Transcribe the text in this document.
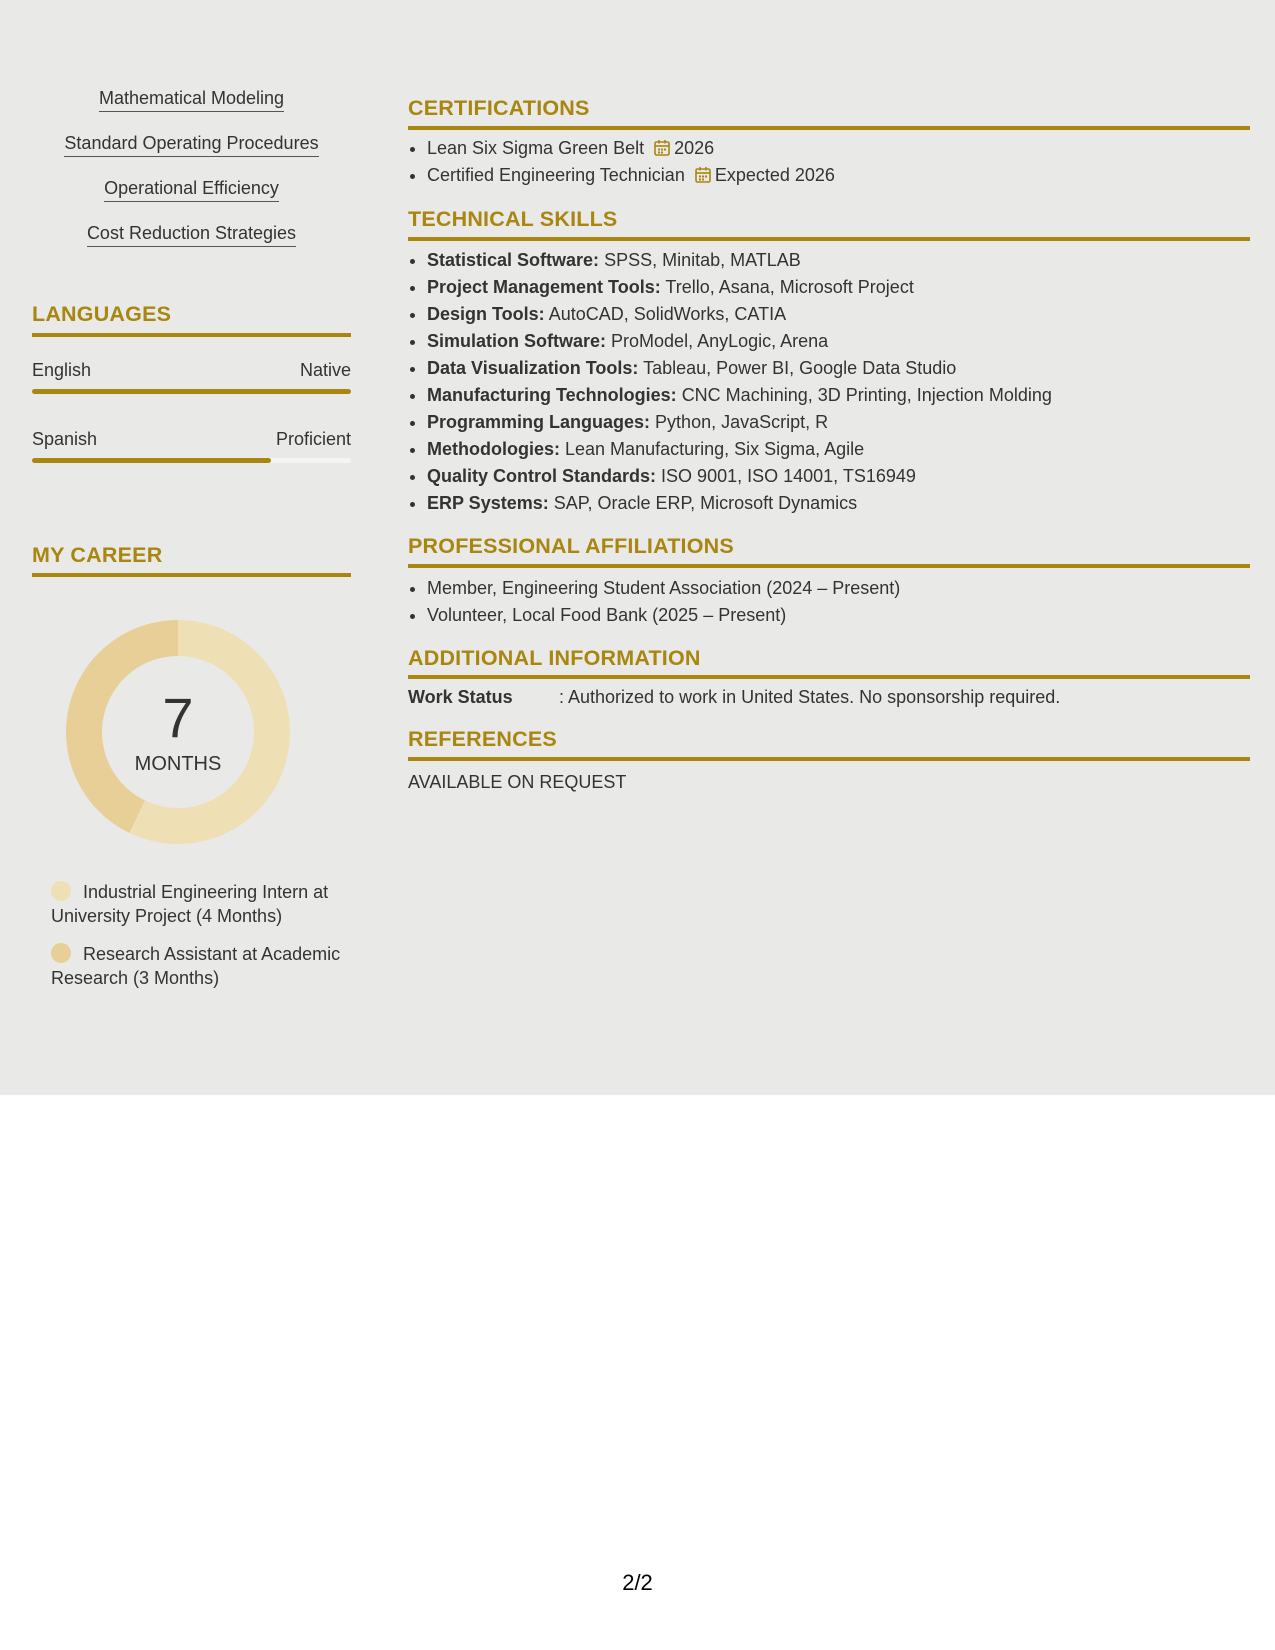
Mathematical Modeling
Standard Operating Procedures
Operational Efficiency
Cost Reduction Strategies
LANGUAGES
English	Native
Spanish	Proficient
MY CAREER
7
MONTHS
Industrial Engineering Intern at University Project (4 Months)
Research Assistant at Academic Research (3 Months)
CERTIFICATIONS
• Lean Six Sigma Green Belt 2026
• Certified Engineering Technician Expected 2026
TECHNICAL SKILLS
• Statistical Software: SPSS, Minitab, MATLAB
• Project Management Tools: Trello, Asana, Microsoft Project
• Design Tools: AutoCAD, SolidWorks, CATIA
• Simulation Software: ProModel, AnyLogic, Arena
• Data Visualization Tools: Tableau, Power BI, Google Data Studio
• Manufacturing Technologies: CNC Machining, 3D Printing, Injection Molding
• Programming Languages: Python, JavaScript, R
• Methodologies: Lean Manufacturing, Six Sigma, Agile
• Quality Control Standards: ISO 9001, ISO 14001, TS16949
• ERP Systems: SAP, Oracle ERP, Microsoft Dynamics
PROFESSIONAL AFFILIATIONS
• Member, Engineering Student Association (2024 – Present)
• Volunteer, Local Food Bank (2025 – Present)
ADDITIONAL INFORMATION
Work Status	: Authorized to work in United States. No sponsorship required.
REFERENCES
AVAILABLE ON REQUEST
2/2
